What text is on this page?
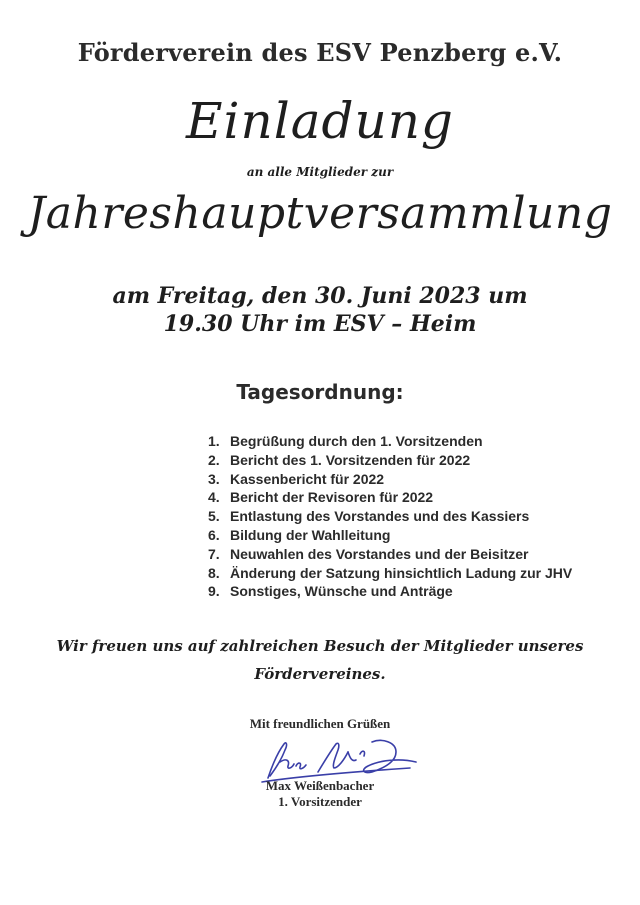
Förderverein des ESV Penzberg e.V.
Einladung
an alle Mitglieder zur
Jahreshauptversammlung
am Freitag, den 30. Juni 2023 um
19.30 Uhr im ESV – Heim
Tagesordnung:
1. Begrüßung durch den 1. Vorsitzenden
2. Bericht des 1. Vorsitzenden für 2022
3. Kassenbericht für 2022
4. Bericht der Revisoren für 2022
5. Entlastung des Vorstandes und des Kassiers
6. Bildung der Wahlleitung
7. Neuwahlen des Vorstandes und der Beisitzer
8. Änderung der Satzung hinsichtlich Ladung zur JHV
9. Sonstiges, Wünsche und Anträge
Wir freuen uns auf zahlreichen Besuch der Mitglieder unseres
Fördervereines.
Mit freundlichen Grüßen
Max Weißenbacher
1. Vorsitzender
